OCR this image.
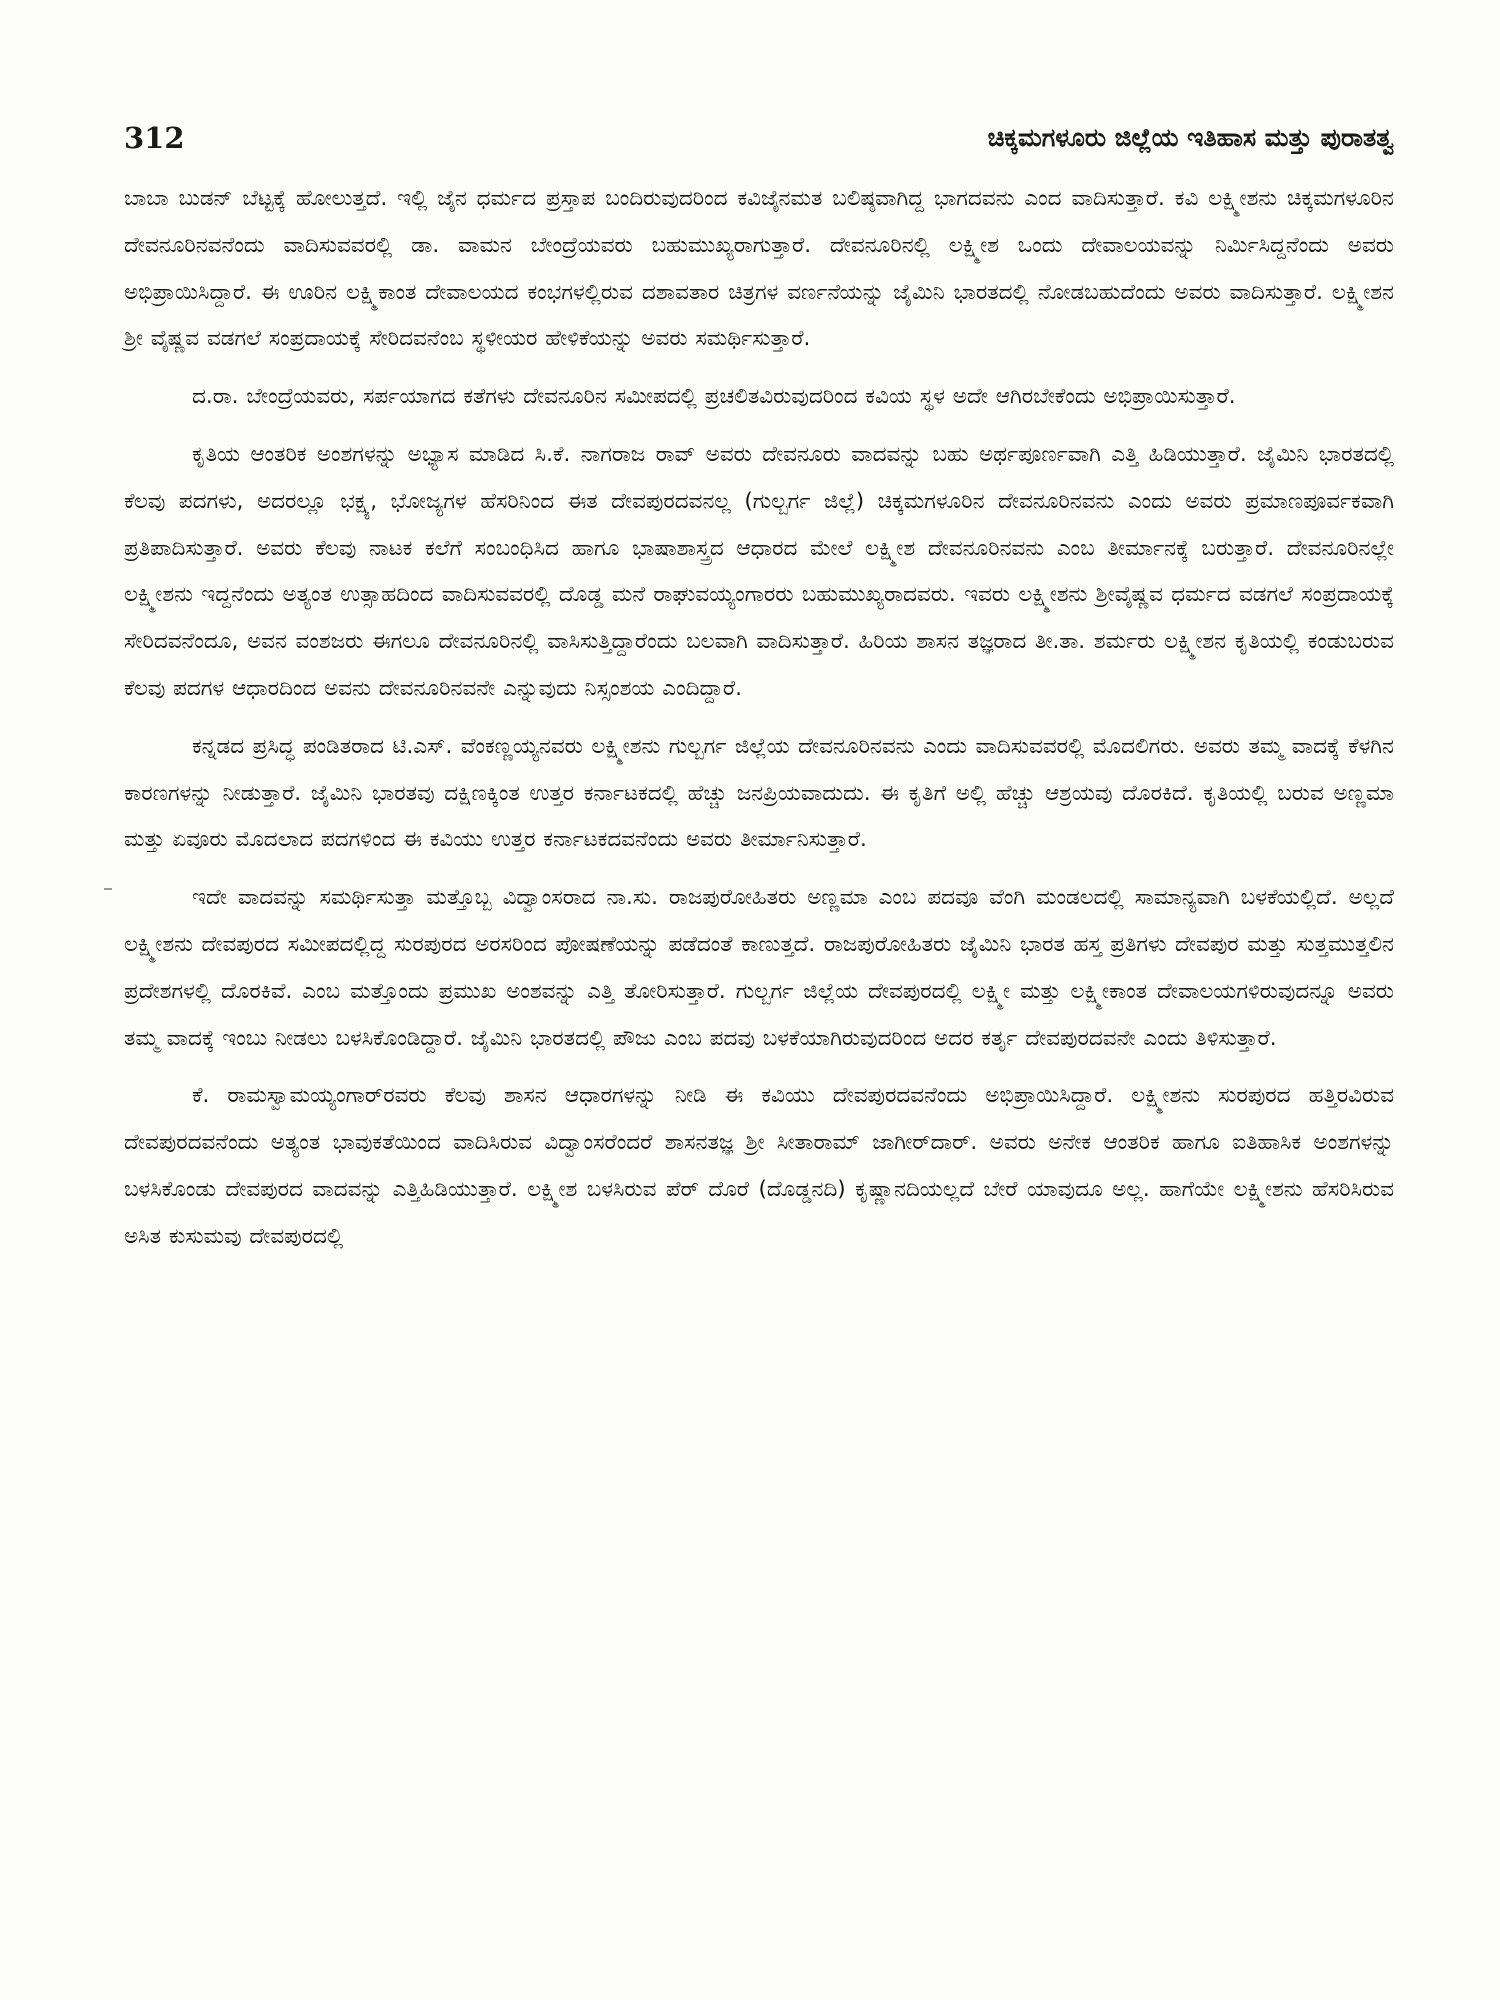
312	ಚಿಕ್ಕಮಗಳೂರು ಜಿಲ್ಲೆಯ ಇತಿಹಾಸ ಮತ್ತು ಪುರಾತತ್ವ

ಬಾಬಾ ಬುಡನ್ ಬೆಟ್ಟಕ್ಕೆ ಹೋಲುತ್ತದೆ. ಇಲ್ಲಿ ಜೈನ ಧರ್ಮದ ಪ್ರಸ್ತಾಪ ಬಂದಿರುವುದರಿಂದ ಕವಿಜೈನಮತ ಬಲಿಷ್ಠವಾಗಿದ್ದ ಭಾಗದವನು ಎಂದ ವಾದಿಸುತ್ತಾರೆ. ಕವಿ ಲಕ್ಷ್ಮೀಶನು ಚಿಕ್ಕಮಗಳೂರಿನ ದೇವನೂರಿನವನೆಂದು ವಾದಿಸುವವರಲ್ಲಿ ಡಾ. ವಾಮನ ಬೇಂದ್ರೆಯವರು ಬಹುಮುಖ್ಯರಾಗುತ್ತಾರೆ. ದೇವನೂರಿನಲ್ಲಿ ಲಕ್ಷ್ಮೀಶ ಒಂದು ದೇವಾಲಯವನ್ನು ನಿರ್ಮಿಸಿದ್ದನೆಂದು ಅವರು ಅಭಿಪ್ರಾಯಿಸಿದ್ದಾರೆ. ಈ ಊರಿನ ಲಕ್ಷ್ಮಿಕಾಂತ ದೇವಾಲಯದ ಕಂಭಗಳಲ್ಲಿರುವ ದಶಾವತಾರ ಚಿತ್ರಗಳ ವರ್ಣನೆಯನ್ನು ಜೈಮಿನಿ ಭಾರತದಲ್ಲಿ ನೋಡಬಹುದೆಂದು ಅವರು ವಾದಿಸುತ್ತಾರೆ. ಲಕ್ಷ್ಮೀಶನ ಶ್ರೀ ವೈಷ್ಣವ ವಡಗಲೆ ಸಂಪ್ರದಾಯಕ್ಕೆ ಸೇರಿದವನೆಂಬ ಸ್ಥಳೀಯರ ಹೇಳಿಕೆಯನ್ನು ಅವರು ಸಮರ್ಥಿಸುತ್ತಾರೆ.

ದ.ರಾ. ಬೇಂದ್ರೆಯವರು, ಸರ್ಪಯಾಗದ ಕತೆಗಳು ದೇವನೂರಿನ ಸಮೀಪದಲ್ಲಿ ಪ್ರಚಲಿತವಿರುವುದರಿಂದ ಕವಿಯ ಸ್ಥಳ ಅದೇ ಆಗಿರಬೇಕೆಂದು ಅಭಿಪ್ರಾಯಿಸುತ್ತಾರೆ.

ಕೃತಿಯ ಆಂತರಿಕ ಅಂಶಗಳನ್ನು ಅಭ್ಯಾಸ ಮಾಡಿದ ಸಿ.ಕೆ. ನಾಗರಾಜ ರಾವ್ ಅವರು ದೇವನೂರು ವಾದವನ್ನು ಬಹು ಅರ್ಥಪೂರ್ಣವಾಗಿ ಎತ್ತಿ ಹಿಡಿಯುತ್ತಾರೆ. ಜೈಮಿನಿ ಭಾರತದಲ್ಲಿ ಕೆಲವು ಪದಗಳು, ಅದರಲ್ಲೂ ಭಕ್ಷ್ಯ, ಭೋಜ್ಯಗಳ ಹೆಸರಿನಿಂದ ಈತ ದೇವಪುರದವನಲ್ಲ (ಗುಲ್ಬರ್ಗ ಜಿಲ್ಲೆ) ಚಿಕ್ಕಮಗಳೂರಿನ ದೇವನೂರಿನವನು ಎಂದು ಅವರು ಪ್ರಮಾಣಪೂರ್ವಕವಾಗಿ ಪ್ರತಿಪಾದಿಸುತ್ತಾರೆ. ಅವರು ಕೆಲವು ನಾಟಕ ಕಲೆಗೆ ಸಂಬಂಧಿಸಿದ ಹಾಗೂ ಭಾಷಾಶಾಸ್ತ್ರದ ಆಧಾರದ ಮೇಲೆ ಲಕ್ಷ್ಮೀಶ ದೇವನೂರಿನವನು ಎಂಬ ತೀರ್ಮಾನಕ್ಕೆ ಬರುತ್ತಾರೆ. ದೇವನೂರಿನಲ್ಲೇ ಲಕ್ಷ್ಮೀಶನು ಇದ್ದನೆಂದು ಅತ್ಯಂತ ಉತ್ಸಾಹದಿಂದ ವಾದಿಸುವವರಲ್ಲಿ ದೊಡ್ಡ ಮನೆ ರಾಘುವಯ್ಯಂಗಾರರು ಬಹುಮುಖ್ಯರಾದವರು. ಇವರು ಲಕ್ಷ್ಮೀಶನು ಶ್ರೀವೈಷ್ಣವ ಧರ್ಮದ ವಡಗಲೆ ಸಂಪ್ರದಾಯಕ್ಕೆ ಸೇರಿದವನೆಂದೂ, ಅವನ ವಂಶಜರು ಈಗಲೂ ದೇವನೂರಿನಲ್ಲಿ ವಾಸಿಸುತ್ತಿದ್ದಾರೆಂದು ಬಲವಾಗಿ ವಾದಿಸುತ್ತಾರೆ. ಹಿರಿಯ ಶಾಸನ ತಜ್ಞರಾದ ತೀ.ತಾ. ಶರ್ಮರು ಲಕ್ಷ್ಮೀಶನ ಕೃತಿಯಲ್ಲಿ ಕಂಡುಬರುವ ಕೆಲವು ಪದಗಳ ಆಧಾರದಿಂದ ಅವನು ದೇವನೂರಿನವನೇ ಎನ್ನುವುದು ನಿಸ್ಸಂಶಯ ಎಂದಿದ್ದಾರೆ.

ಕನ್ನಡದ ಪ್ರಸಿದ್ಧ ಪಂಡಿತರಾದ ಟಿ.ಎಸ್. ವೆಂಕಣ್ಣಯ್ಯನವರು ಲಕ್ಷ್ಮೀಶನು ಗುಲ್ಬರ್ಗ ಜಿಲ್ಲೆಯ ದೇವನೂರಿನವನು ಎಂದು ವಾದಿಸುವವರಲ್ಲಿ ಮೊದಲಿಗರು. ಅವರು ತಮ್ಮ ವಾದಕ್ಕೆ ಕೆಳಗಿನ ಕಾರಣಗಳನ್ನು ನೀಡುತ್ತಾರೆ. ಜೈಮಿನಿ ಭಾರತವು ದಕ್ಷಿಣಕ್ಕಿಂತ ಉತ್ತರ ಕರ್ನಾಟಕದಲ್ಲಿ ಹೆಚ್ಚು ಜನಪ್ರಿಯವಾದುದು. ಈ ಕೃತಿಗೆ ಅಲ್ಲಿ ಹೆಚ್ಚು ಆಶ್ರಯವು ದೊರಕಿದೆ. ಕೃತಿಯಲ್ಲಿ ಬರುವ ಅಣ್ಣಮಾ ಮತ್ತು ಏವೂರು ಮೊದಲಾದ ಪದಗಳಿಂದ ಈ ಕವಿಯು ಉತ್ತರ ಕರ್ನಾಟಕದವನೆಂದು ಅವರು ತೀರ್ಮಾನಿಸುತ್ತಾರೆ.

ಇದೇ ವಾದವನ್ನು ಸಮರ್ಥಿಸುತ್ತಾ ಮತ್ತೊಬ್ಬ ವಿದ್ವಾಂಸರಾದ ನಾ.ಸು. ರಾಜಪುರೋಹಿತರು ಅಣ್ಣಮಾ ಎಂಬ ಪದವೂ ವೆಂಗಿ ಮಂಡಲದಲ್ಲಿ ಸಾಮಾನ್ಯವಾಗಿ ಬಳಕೆಯಲ್ಲಿದೆ. ಅಲ್ಲದೆ ಲಕ್ಷ್ಮೀಶನು ದೇವಪುರದ ಸಮೀಪದಲ್ಲಿದ್ದ ಸುರಪುರದ ಅರಸರಿಂದ ಪೋಷಣೆಯನ್ನು ಪಡೆದಂತೆ ಕಾಣುತ್ತದೆ. ರಾಜಪುರೋಹಿತರು ಜೈಮಿನಿ ಭಾರತ ಹಸ್ತ ಪ್ರತಿಗಳು ದೇವಪುರ ಮತ್ತು ಸುತ್ತಮುತ್ತಲಿನ ಪ್ರದೇಶಗಳಲ್ಲಿ ದೊರಕಿವೆ. ಎಂಬ ಮತ್ತೊಂದು ಪ್ರಮುಖ ಅಂಶವನ್ನು ಎತ್ತಿ ತೋರಿಸುತ್ತಾರೆ. ಗುಲ್ಬರ್ಗ ಜಿಲ್ಲೆಯ ದೇವಪುರದಲ್ಲಿ ಲಕ್ಷ್ಮೀ ಮತ್ತು ಲಕ್ಷ್ಮೀಕಾಂತ ದೇವಾಲಯಗಳಿರುವುದನ್ನೂ ಅವರು ತಮ್ಮ ವಾದಕ್ಕೆ ಇಂಬು ನೀಡಲು ಬಳಸಿಕೊಂಡಿದ್ದಾರೆ. ಜೈಮಿನಿ ಭಾರತದಲ್ಲಿ ಪೌಜು ಎಂಬ ಪದವು ಬಳಕೆಯಾಗಿರುವುದರಿಂದ ಅದರ ಕರ್ತೃ ದೇವಪುರದವನೇ ಎಂದು ತಿಳಿಸುತ್ತಾರೆ.

ಕೆ. ರಾಮಸ್ವಾಮಯ್ಯಂಗಾರ್‌ರವರು ಕೆಲವು ಶಾಸನ ಆಧಾರಗಳನ್ನು ನೀಡಿ ಈ ಕವಿಯು ದೇವಪುರದವನೆಂದು ಅಭಿಪ್ರಾಯಿಸಿದ್ದಾರೆ. ಲಕ್ಷ್ಮೀಶನು ಸುರಪುರದ ಹತ್ತಿರವಿರುವ ದೇವಪುರದವನೆಂದು ಅತ್ಯಂತ ಭಾವುಕತೆಯಿಂದ ವಾದಿಸಿರುವ ವಿದ್ವಾಂಸರೆಂದರೆ ಶಾಸನತಜ್ಞ ಶ್ರೀ ಸೀತಾರಾಮ್ ಜಾಗೀರ್‌ದಾರ್. ಅವರು ಅನೇಕ ಆಂತರಿಕ ಹಾಗೂ ಐತಿಹಾಸಿಕ ಅಂಶಗಳನ್ನು ಬಳಸಿಕೊಂಡು ದೇವಪುರದ ವಾದವನ್ನು ಎತ್ತಿಹಿಡಿಯುತ್ತಾರೆ. ಲಕ್ಷ್ಮೀಶ ಬಳಸಿರುವ ಪೆರ್ ದೊರೆ (ದೊಡ್ಡನದಿ) ಕೃಷ್ಣಾನದಿಯಲ್ಲದೆ ಬೇರೆ ಯಾವುದೂ ಅಲ್ಲ. ಹಾಗೆಯೇ ಲಕ್ಷ್ಮೀಶನು ಹೆಸರಿಸಿರುವ ಅಸಿತ ಕುಸುಮವು ದೇವಪುರದಲ್ಲಿ
